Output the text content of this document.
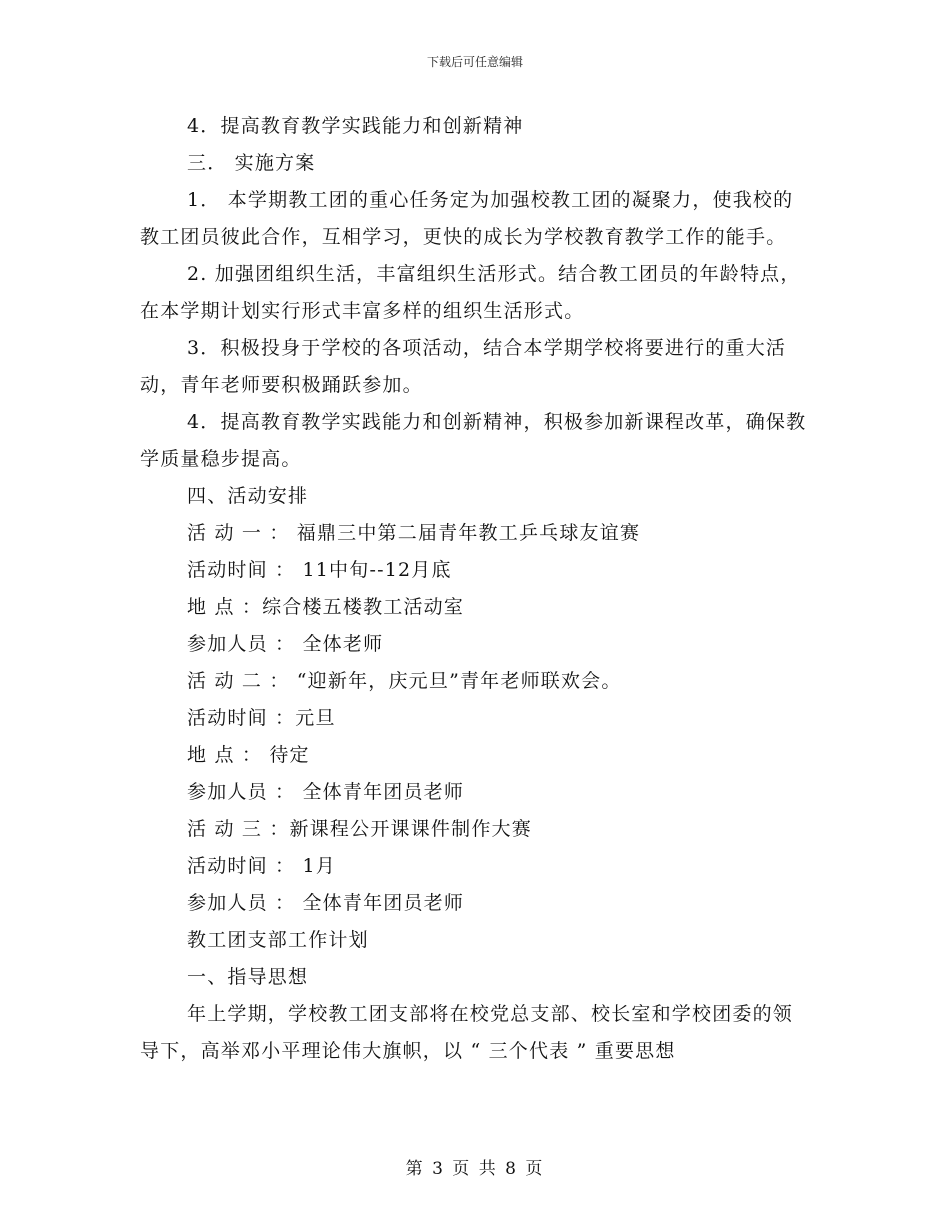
下载后可任意编辑

4．提高教育教学实践能力和创新精神

三． 实施方案

1． 本学期教工团的重心任务定为加强校教工团的凝聚力，使我校的教工团员彼此合作，互相学习，更快的成长为学校教育教学工作的能手。

2. 加强团组织生活，丰富组织生活形式。结合教工团员的年龄特点，在本学期计划实行形式丰富多样的组织生活形式。

3．积极投身于学校的各项活动，结合本学期学校将要进行的重大活动，青年老师要积极踊跃参加。

4．提高教育教学实践能力和创新精神，积极参加新课程改革，确保教学质量稳步提高。

四、活动安排

活 动 一 ： 福鼎三中第二届青年教工乒乓球友谊赛

活动时间 ： 11中旬--12月底

地 点 ：综合楼五楼教工活动室

参加人员 ： 全体老师

活 动 二 ： “迎新年，庆元旦”青年老师联欢会。

活动时间 ：元旦

地 点 ： 待定

参加人员 ： 全体青年团员老师

活 动 三 ：新课程公开课课件制作大赛

活动时间 ： 1月

参加人员 ： 全体青年团员老师

教工团支部工作计划

一、指导思想

年上学期，学校教工团支部将在校党总支部、校长室和学校团委的领导下，高举邓小平理论伟大旗帜，以 “ 三个代表 ” 重要思想

第 3 页 共 8 页
